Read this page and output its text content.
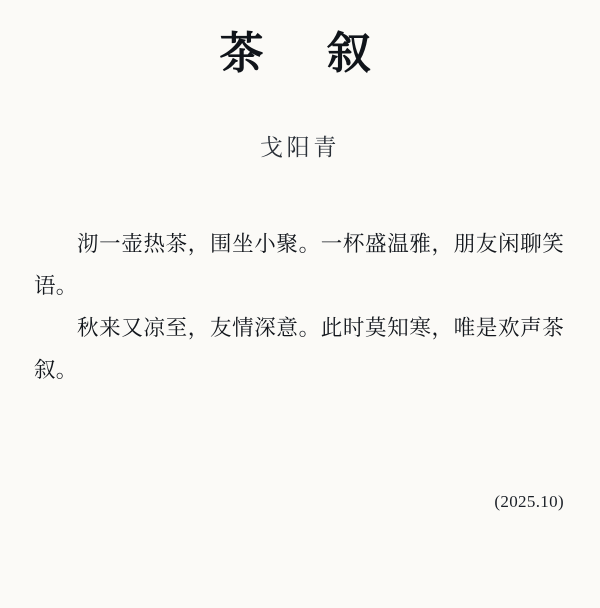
茶　叙
戈阳青

沏一壶热茶，围坐小聚。一杯盛温雅，朋友闲聊笑语。

秋来又凉至，友情深意。此时莫知寒，唯是欢声茶叙。

(2025.10)
